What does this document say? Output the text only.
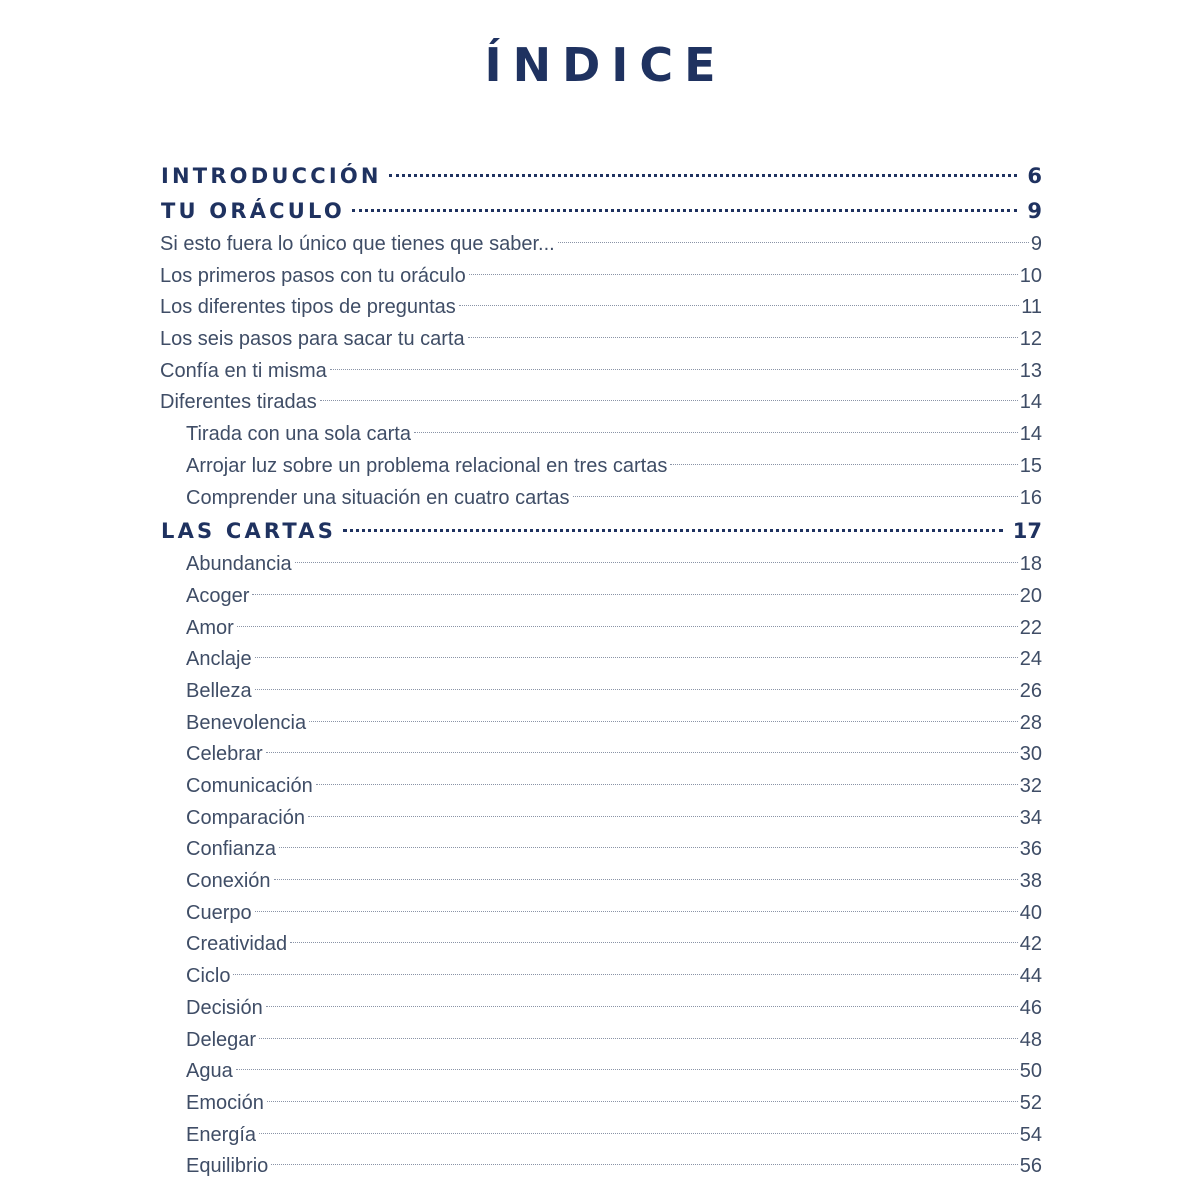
ÍNDICE
INTRODUCCIÓN	6
TU ORÁCULO	9
Si esto fuera lo único que tienes que saber...	9
Los primeros pasos con tu oráculo	10
Los diferentes tipos de preguntas	11
Los seis pasos para sacar tu carta	12
Confía en ti misma	13
Diferentes tiradas	14
Tirada con una sola carta	14
Arrojar luz sobre un problema relacional en tres cartas	15
Comprender una situación en cuatro cartas	16
LAS CARTAS	17
Abundancia	18
Acoger	20
Amor	22
Anclaje	24
Belleza	26
Benevolencia	28
Celebrar	30
Comunicación	32
Comparación	34
Confianza	36
Conexión	38
Cuerpo	40
Creatividad	42
Ciclo	44
Decisión	46
Delegar	48
Agua	50
Emoción	52
Energía	54
Equilibrio	56
